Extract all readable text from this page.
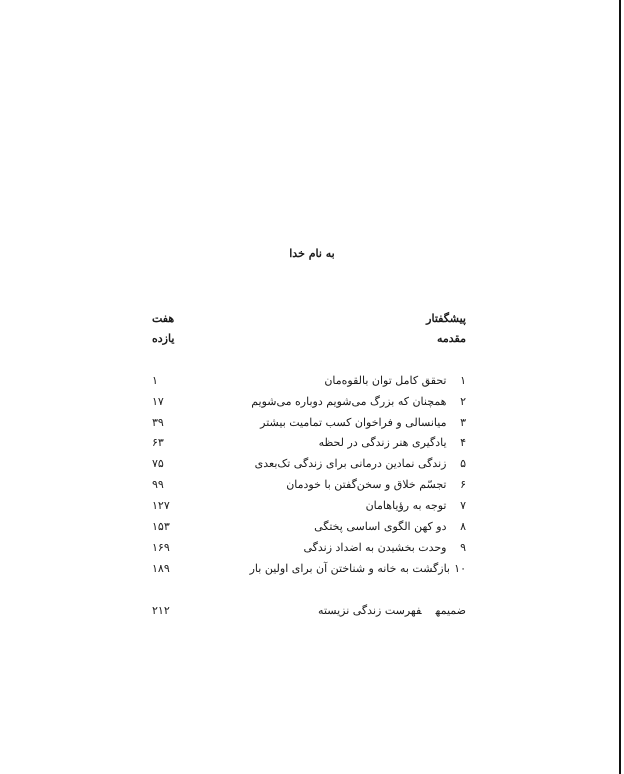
به نام خدا
پیشگفتار
هفت
مقدمه
یازده
۱ تحقق کامل توان بالقوه‌مان
۱
۲ همچنان که بزرگ می‌شویم دوباره می‌شویم
۱۷
۳ میانسالی و فراخوان کسب تمامیت بیشتر
۳۹
۴ یادگیری هنر زندگی در لحظه
۶۳
۵ زندگی نمادین درمانی برای زندگی تک‌بعدی
۷۵
۶ تجسّم خلاق و سخن‌گفتن با خودمان
۹۹
۷ توجه به رؤیاهامان
۱۲۷
۸ دو کهن الگوی اساسی پختگی
۱۵۳
۹ وحدت بخشیدن به اضداد زندگی
۱۶۹
۱۰بازگشت به خانه و شناختن آن برای اولین بار
۱۸۹
ضمیمهفهرست زندگی نزیسته
۲۱۲
